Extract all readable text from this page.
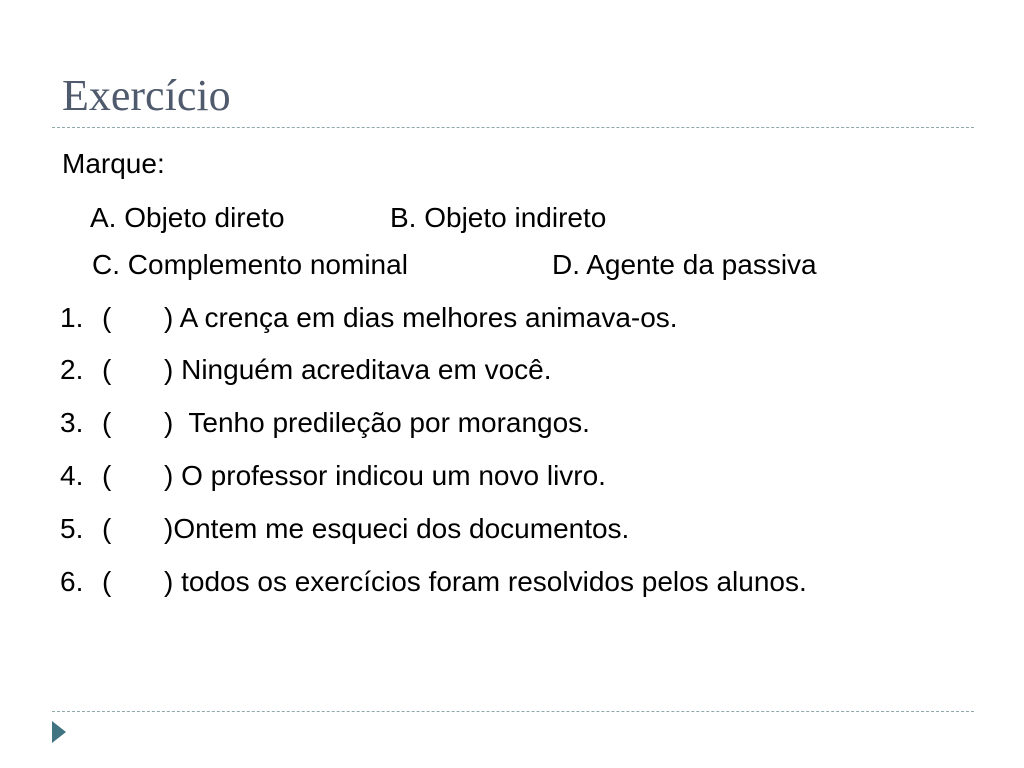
Exercício
Marque:
A. Objeto direto	B. Objeto indireto
C. Complemento nominal	D. Agente da passiva
1. ( ) A crença em dias melhores animava-os.
2. ( ) Ninguém acreditava em você.
3. ( )  Tenho predileção por morangos.
4. ( ) O professor indicou um novo livro.
5. ( )Ontem me esqueci dos documentos.
6. ( ) todos os exercícios foram resolvidos pelos alunos.
